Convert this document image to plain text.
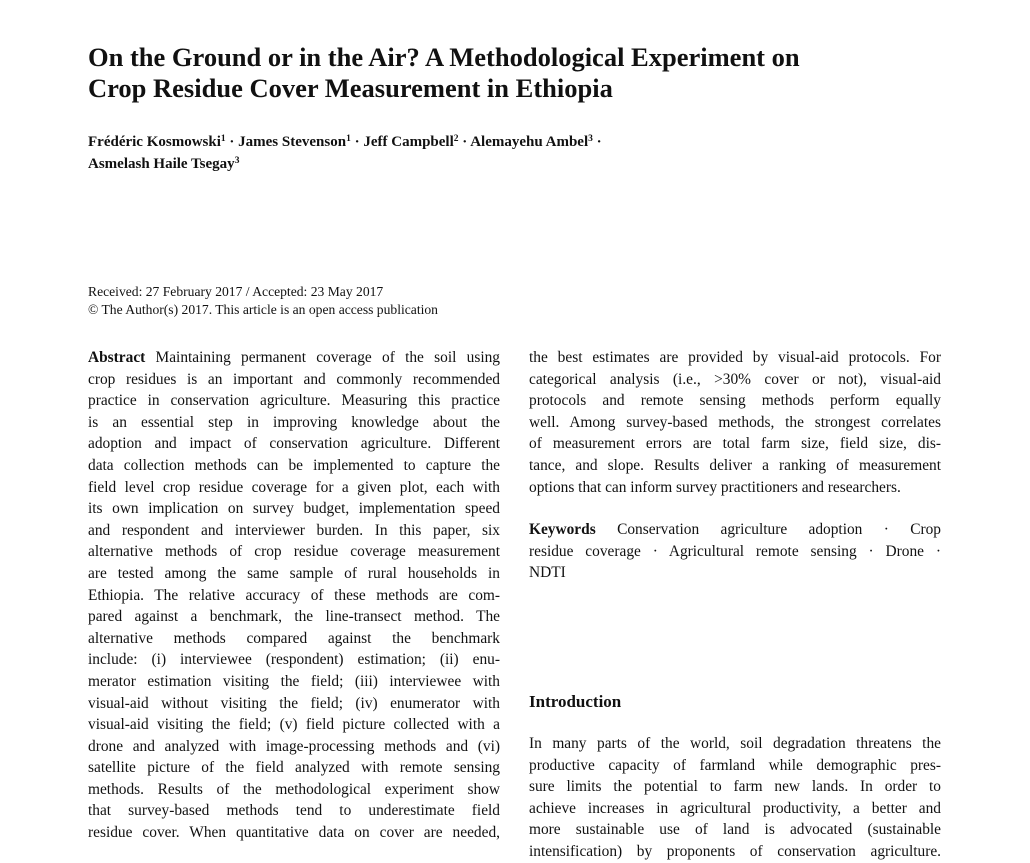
On the Ground or in the Air? A Methodological Experiment on
Crop Residue Cover Measurement in Ethiopia
Frédéric Kosmowski$^1$ · James Stevenson$^1$ · Jeff Campbell$^2$ · Alemayehu Ambel$^3$ ·
Asmelash Haile Tsegay$^3$
Received: 27 February 2017 / Accepted: 23 May 2017
© The Author(s) 2017. This article is an open access publication
Abstract Maintaining permanent coverage of the soil using
crop residues is an important and commonly recommended
practice in conservation agriculture. Measuring this practice
is an essential step in improving knowledge about the
adoption and impact of conservation agriculture. Different
data collection methods can be implemented to capture the
field level crop residue coverage for a given plot, each with
its own implication on survey budget, implementation speed
and respondent and interviewer burden. In this paper, six
alternative methods of crop residue coverage measurement
are tested among the same sample of rural households in
Ethiopia. The relative accuracy of these methods are com-
pared against a benchmark, the line-transect method. The
alternative methods compared against the benchmark
include: (i) interviewee (respondent) estimation; (ii) enu-
merator estimation visiting the field; (iii) interviewee with
visual-aid without visiting the field; (iv) enumerator with
visual-aid visiting the field; (v) field picture collected with a
drone and analyzed with image-processing methods and (vi)
satellite picture of the field analyzed with remote sensing
methods. Results of the methodological experiment show
that survey-based methods tend to underestimate field
residue cover. When quantitative data on cover are needed,
the best estimates are provided by visual-aid protocols. For
categorical analysis (i.e., >30% cover or not), visual-aid
protocols and remote sensing methods perform equally
well. Among survey-based methods, the strongest correlates
of measurement errors are total farm size, field size, dis-
tance, and slope. Results deliver a ranking of measurement
options that can inform survey practitioners and researchers.
Keywords Conservation agriculture adoption · Crop
residue coverage · Agricultural remote sensing · Drone ·
NDTI
Introduction
In many parts of the world, soil degradation threatens the
productive capacity of farmland while demographic pres-
sure limits the potential to farm new lands. In order to
achieve increases in agricultural productivity, a better and
more sustainable use of land is advocated (sustainable
intensification) by proponents of conservation agriculture.
